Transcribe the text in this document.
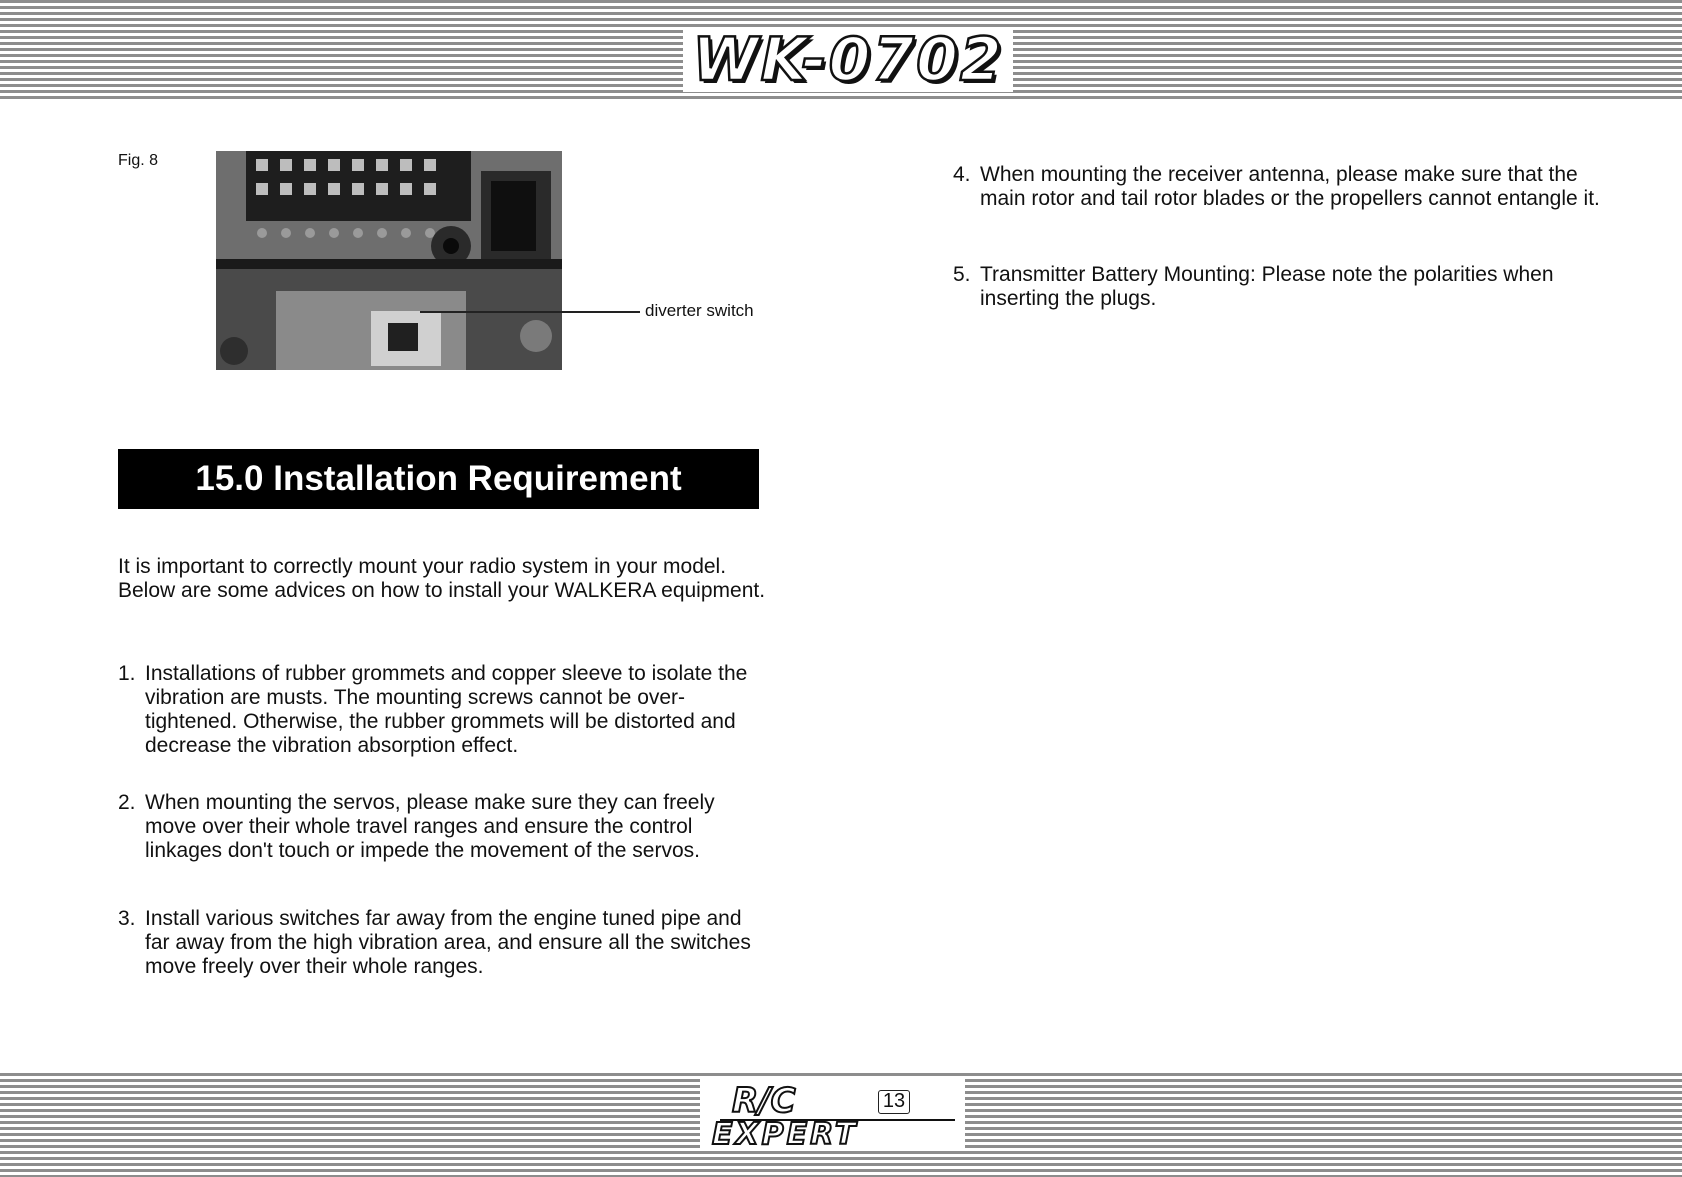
WK-0702
Fig. 8
diverter switch
15.0 Installation Requirement
It is important to correctly mount your radio system in your model. Below are some advices on how to install your WALKERA equipment.
1. Installations of rubber grommets and copper sleeve to isolate the vibration are musts. The mounting screws cannot be over-tightened. Otherwise, the rubber grommets will be distorted and decrease the vibration absorption effect.
2. When mounting the servos, please make sure they can freely move over their whole travel ranges and ensure the control linkages don't touch or impede the movement of the servos.
3. Install various switches far away from the engine tuned pipe and far away from the high vibration area, and ensure all the switches move freely over their whole ranges.
4. When mounting the receiver antenna, please make sure that the main rotor and tail rotor blades or the propellers cannot entangle it.
5. Transmitter Battery Mounting: Please note the polarities when inserting the plugs.
R/C
EXPERT
13
